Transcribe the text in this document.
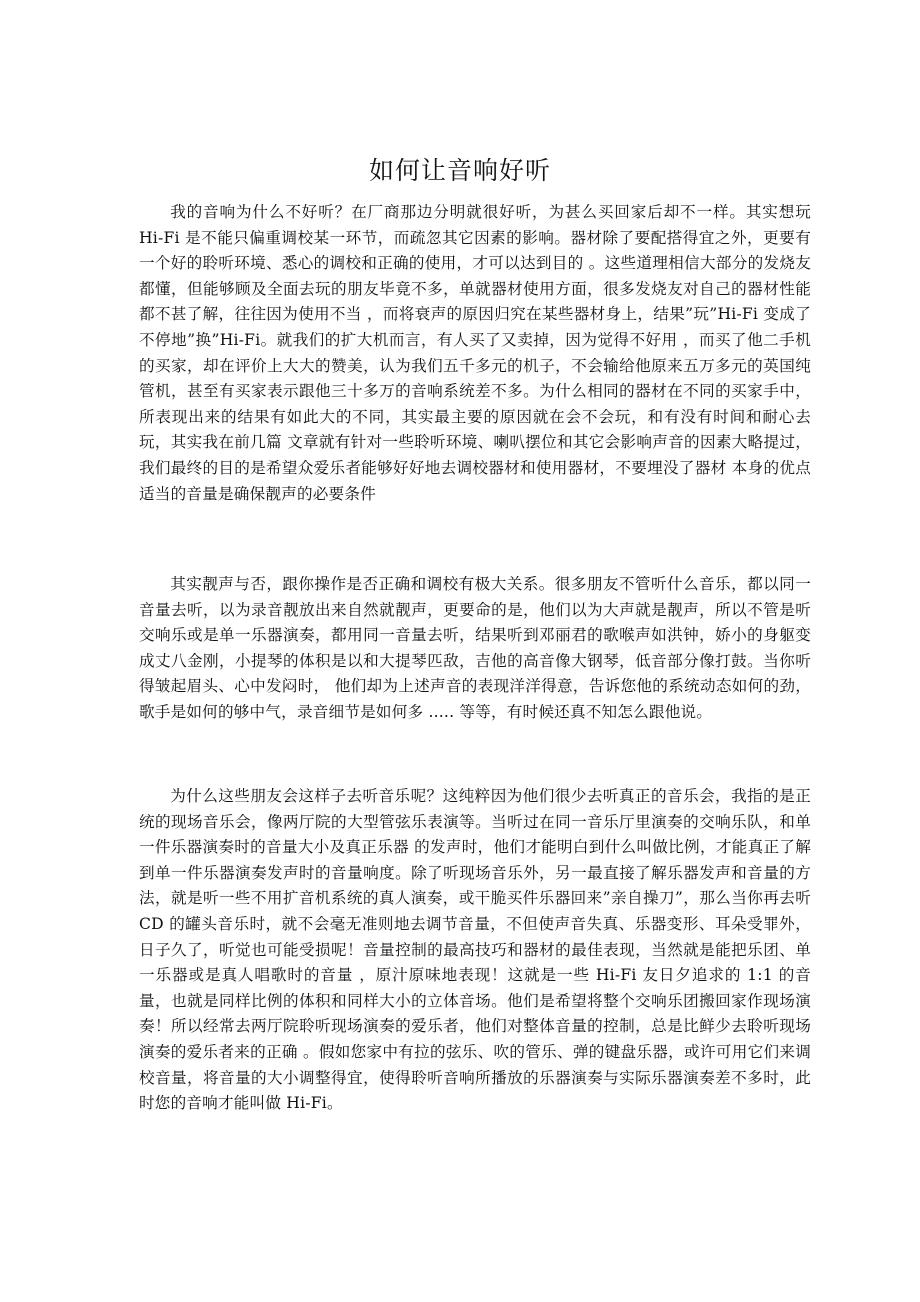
如何让音响好听

我的音响为什么不好听？在厂商那边分明就很好听，为甚么买回家后却不一样。其实想玩 Hi-Fi 是不能只偏重调校某一环节，而疏忽其它因素的影响。器材除了要配搭得宜之外，更要有一个好的聆听环境、悉心的调校和正确的使用，才可以达到目的 。这些道理相信大部分的发烧友都懂，但能够顾及全面去玩的朋友毕竟不多，单就器材使用方面，很多发烧友对自己的器材性能都不甚了解，往往因为使用不当 ，而将衰声的原因归究在某些器材身上，结果”玩”Hi-Fi 变成了不停地”换”Hi-Fi。就我们的扩大机而言，有人买了又卖掉，因为觉得不好用 ，而买了他二手机的买家，却在评价上大大的赞美，认为我们五千多元的机子，不会输给他原来五万多元的英国纯管机，甚至有买家表示跟他三十多万的音响系统差不多。为什么相同的器材在不同的买家手中，所表现出来的结果有如此大的不同，其实最主要的原因就在会不会玩，和有没有时间和耐心去玩，其实我在前几篇 文章就有针对一些聆听环境、喇叭摆位和其它会影响声音的因素大略提过，我们最终的目的是希望众爱乐者能够好好地去调校器材和使用器材，不要埋没了器材 本身的优点适当的音量是确保靓声的必要条件

其实靓声与否，跟你操作是否正确和调校有极大关系。很多朋友不管听什么音乐，都以同一音量去听，以为录音靓放出来自然就靓声，更要命的是，他们以为大声就是靓声，所以不管是听交响乐或是单一乐器演奏，都用同一音量去听，结果听到邓丽君的歌喉声如洪钟，娇小的身躯变成丈八金刚，小提琴的体积是以和大提琴匹敌，吉他的高音像大钢琴，低音部分像打鼓。当你听得皱起眉头、心中发闷时， 他们却为上述声音的表现洋洋得意，告诉您他的系统动态如何的劲，歌手是如何的够中气，录音细节是如何多 ..... 等等，有时候还真不知怎么跟他说。

为什么这些朋友会这样子去听音乐呢？这纯粹因为他们很少去听真正的音乐会，我指的是正统的现场音乐会，像两厅院的大型管弦乐表演等。当听过在同一音乐厅里演奏的交响乐队，和单一件乐器演奏时的音量大小及真正乐器 的发声时，他们才能明白到什么叫做比例，才能真正了解到单一件乐器演奏发声时的音量响度。除了听现场音乐外，另一最直接了解乐器发声和音量的方法，就是听一些不用扩音机系统的真人演奏，或干脆买件乐器回来”亲自操刀”，那么当你再去听 CD 的罐头音乐时，就不会毫无准则地去调节音量，不但使声音失真、乐器变形、耳朵受罪外，日子久了，听觉也可能受损呢！音量控制的最高技巧和器材的最佳表现，当然就是能把乐团、单一乐器或是真人唱歌时的音量 ，原汁原味地表现！这就是一些 Hi-Fi 友日夕追求的 1:1 的音量，也就是同样比例的体积和同样大小的立体音场。他们是希望将整个交响乐团搬回家作现场演奏！所以经常去两厅院聆听现场演奏的爱乐者，他们对整体音量的控制，总是比鲜少去聆听现场演奏的爱乐者来的正确 。假如您家中有拉的弦乐、吹的管乐、弹的键盘乐器，或许可用它们来调校音量，将音量的大小调整得宜，使得聆听音响所播放的乐器演奏与实际乐器演奏差不多时，此时您的音响才能叫做 Hi-Fi。
